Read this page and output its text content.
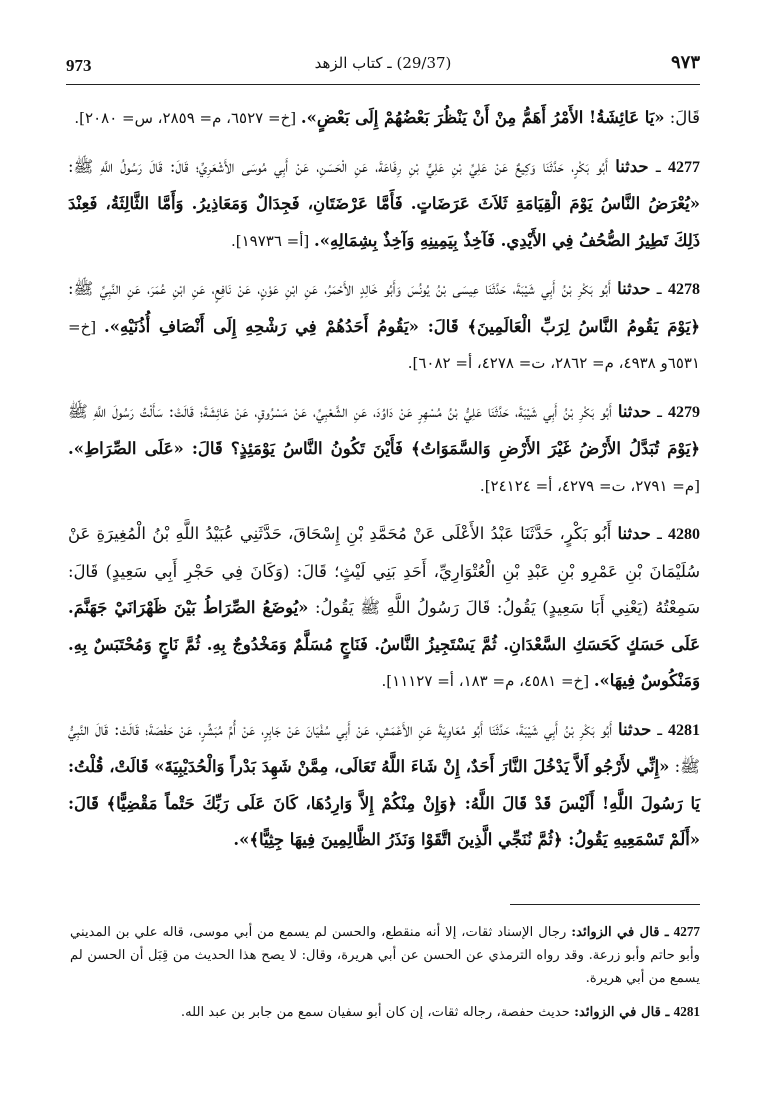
973	(29/37) ـ كتاب الزهد	٩٧٣

قَالَ: «يَا عَائِشَةُ! الأَمْرُ أَهَمُّ مِنْ أَنْ يَنْظُرَ بَعْضُهُمْ إِلَى بَعْضٍ». [خ= ٦٥٢٧، م= ٢٨٥٩، س= ٢٠٨٠].

4277 ـ حدثنا أَبُو بَكْرٍ، حَدَّثَنَا وَكِيعٌ عَنْ عَلِيِّ بْنِ عَلِيٍّ بْنِ رِفَاعَةَ، عَنِ الْحَسَنِ، عَنْ أَبِي مُوسَى الأَشْعَرِيِّ؛ قَالَ: قَالَ رَسُولُ اللَّهِ ﷺ: «يُعْرَضُ النَّاسُ يَوْمَ الْقِيَامَةِ ثَلاَثَ عَرَضَاتٍ. فَأَمَّا عَرْضَتَانِ، فَجِدَالٌ وَمَعَاذِيرُ. وَأَمَّا الثَّالِثَةُ، فَعِنْدَ ذَلِكَ تَطِيرُ الصُّحُفُ فِي الأَيْدِي. فَآخِذٌ بِيَمِينِهِ وَآخِذٌ بِشِمَالِهِ». [أ= ١٩٧٣٦].

4278 ـ حدثنا أَبُو بَكْرِ بْنُ أَبِي شَيْبَةَ، حَدَّثَنَا عِيسَى بْنُ يُونُسَ وَأَبُو خَالِدٍ الأَحْمَرُ، عَنِ ابْنِ عَوْنٍ، عَنْ نَافِعٍ، عَنِ ابْنِ عُمَرَ، عَنِ النَّبِيِّ ﷺ: ﴿يَوْمَ يَقُومُ النَّاسُ لِرَبِّ الْعَالَمِينَ﴾ قَالَ: «يَقُومُ أَحَدُهُمْ فِي رَشْحِهِ إِلَى أَنْصَافِ أُذُنَيْهِ». [خ= ٦٥٣١و ٤٩٣٨، م= ٢٨٦٢، ت= ٤٢٧٨، أ= ٦٠٨٢].

4279 ـ حدثنا أَبُو بَكْرِ بْنُ أَبِي شَيْبَةَ، حَدَّثَنَا عَلِيُّ بْنُ مُسْهِرٍ عَنْ دَاوُدَ، عَنِ الشَّعْبِيِّ، عَنْ مَسْرُوقٍ، عَنْ عَائِشَةَ؛ قَالَتْ: سَأَلْتُ رَسُولَ اللَّهِ ﷺ ﴿يَوْمَ تُبَدَّلُ الأَرْضُ غَيْرَ الأَرْضِ وَالسَّمَوَاتُ﴾ فَأَيْنَ تَكُونُ النَّاسُ يَوْمَئِذٍ؟ قَالَ: «عَلَى الصِّرَاطِ». [م= ٢٧٩١، ت= ٤٢٧٩، أ= ٢٤١٢٤].

4280 ـ حدثنا أَبُو بَكْرٍ، حَدَّثَنَا عَبْدُ الأَعْلَى عَنْ مُحَمَّدِ بْنِ إِسْحَاقَ، حَدَّثَنِي عُبَيْدُ اللَّهِ بْنُ الْمُغِيرَةِ عَنْ سُلَيْمَانَ بْنِ عَمْرِو بْنِ عَبْدِ بْنِ الْعُتْوَارِيِّ، أَحَدِ بَنِي لَيْثٍ؛ قَالَ: (وَكَانَ فِي حَجْرِ أَبِي سَعِيدٍ) قَالَ: سَمِعْتُهُ (يَعْنِي أَبَا سَعِيدٍ) يَقُولُ: قَالَ رَسُولُ اللَّهِ ﷺ يَقُولُ: «يُوضَعُ الصِّرَاطُ بَيْنَ ظَهْرَانَيْ جَهَنَّمَ. عَلَى حَسَكٍ كَحَسَكِ السَّعْدَانِ. ثُمَّ يَسْتَجِيزُ النَّاسُ. فَنَاجٍ مُسَلَّمٌ وَمَخْدُوجٌ بِهِ. ثُمَّ نَاجٍ وَمُحْتَبَسٌ بِهِ. وَمَنْكُوسٌ فِيهَا». [خ= ٤٥٨١، م= ١٨٣، أ= ١١١٢٧].

4281 ـ حدثنا أَبُو بَكْرِ بْنُ أَبِي شَيْبَةَ، حَدَّثَنَا أَبُو مُعَاوِيَةَ عَنِ الأَعْمَشِ، عَنْ أَبِي سُفْيَانَ عَنْ جَابِرٍ، عَنْ أُمِّ مُبَشِّرٍ، عَنْ حَفْصَةَ؛ قَالَتْ: قَالَ النَّبِيُّ ﷺ: «إِنِّي لأَرْجُو أَلاَّ يَدْخُلَ النَّارَ أَحَدٌ، إِنْ شَاءَ اللَّهُ تَعَالَى، مِمَّنْ شَهِدَ بَدْراً وَالْحُدَيْبِيَةَ» قَالَتْ، قُلْتُ: يَا رَسُولَ اللَّهِ! أَلَيْسَ قَدْ قَالَ اللَّهُ: ﴿وَإِنْ مِنْكُمْ إِلاَّ وَارِدُهَا، كَانَ عَلَى رَبِّكَ حَتْماً مَقْضِيًّا﴾ قَالَ: «أَلَمْ تَسْمَعِيهِ يَقُولُ: ﴿ثُمَّ نُنَجِّي الَّذِينَ اتَّقَوْا وَنَذَرُ الظَّالِمِينَ فِيهَا جِثِيًّا﴾».

4277 ـ قال في الزوائد: رجال الإسناد ثقات، إلا أنه منقطع، والحسن لم يسمع من أبي موسى، قاله علي بن المديني وأبو حاتم وأبو زرعة. وقد رواه الترمذي عن الحسن عن أبي هريرة، وقال: لا يصح هذا الحديث من قِبَل أن الحسن لم يسمع من أبي هريرة.

4281 ـ قال في الزوائد: حديث حفصة، رجاله ثقات، إن كان أبو سفيان سمع من جابر بن عبد الله.
